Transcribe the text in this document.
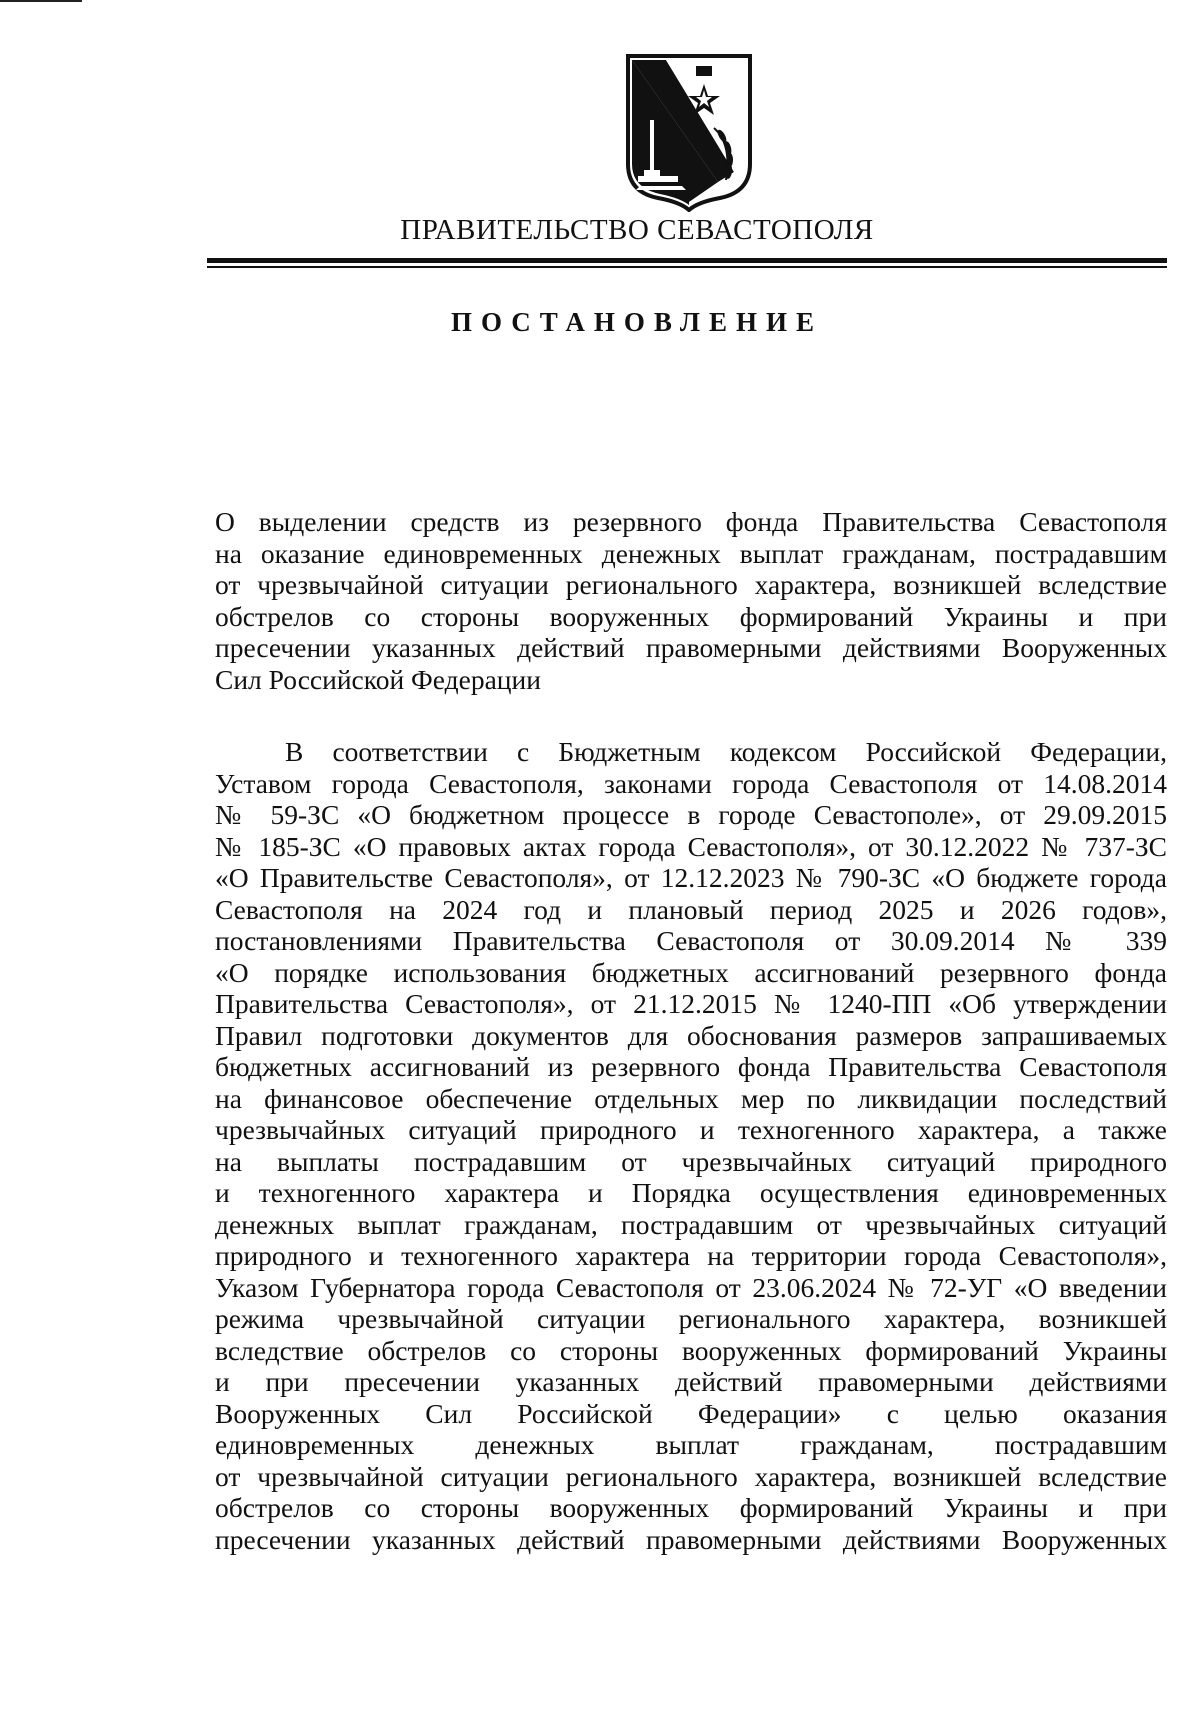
ПРАВИТЕЛЬСТВО СЕВАСТОПОЛЯ
ПОСТАНОВЛЕНИЕ
О выделении средств из резервного фонда Правительства Севастополя
на оказание единовременных денежных выплат гражданам, пострадавшим
от чрезвычайной ситуации регионального характера, возникшей вследствие
обстрелов со стороны вооруженных формирований Украины и при
пресечении указанных действий правомерными действиями Вооруженных
Сил Российской Федерации
В соответствии с Бюджетным кодексом Российской Федерации,
Уставом города Севастополя, законами города Севастополя от 14.08.2014
№ 59-ЗС «О бюджетном процессе в городе Севастополе», от 29.09.2015
№ 185-ЗС «О правовых актах города Севастополя», от 30.12.2022 № 737-ЗС
«О Правительстве Севастополя», от 12.12.2023 № 790-ЗС «О бюджете города
Севастополя на 2024 год и плановый период 2025 и 2026 годов»,
постановлениями Правительства Севастополя от 30.09.2014 № 339
«О порядке использования бюджетных ассигнований резервного фонда
Правительства Севастополя», от 21.12.2015 № 1240-ПП «Об утверждении
Правил подготовки документов для обоснования размеров запрашиваемых
бюджетных ассигнований из резервного фонда Правительства Севастополя
на финансовое обеспечение отдельных мер по ликвидации последствий
чрезвычайных ситуаций природного и техногенного характера, а также
на выплаты пострадавшим от чрезвычайных ситуаций природного
и техногенного характера и Порядка осуществления единовременных
денежных выплат гражданам, пострадавшим от чрезвычайных ситуаций
природного и техногенного характера на территории города Севастополя»,
Указом Губернатора города Севастополя от 23.06.2024 № 72-УГ «О введении
режима чрезвычайной ситуации регионального характера, возникшей
вследствие обстрелов со стороны вооруженных формирований Украины
и при пресечении указанных действий правомерными действиями
Вооруженных Сил Российской Федерации» с целью оказания
единовременных денежных выплат гражданам, пострадавшим
от чрезвычайной ситуации регионального характера, возникшей вследствие
обстрелов со стороны вооруженных формирований Украины и при
пресечении указанных действий правомерными действиями Вооруженных
